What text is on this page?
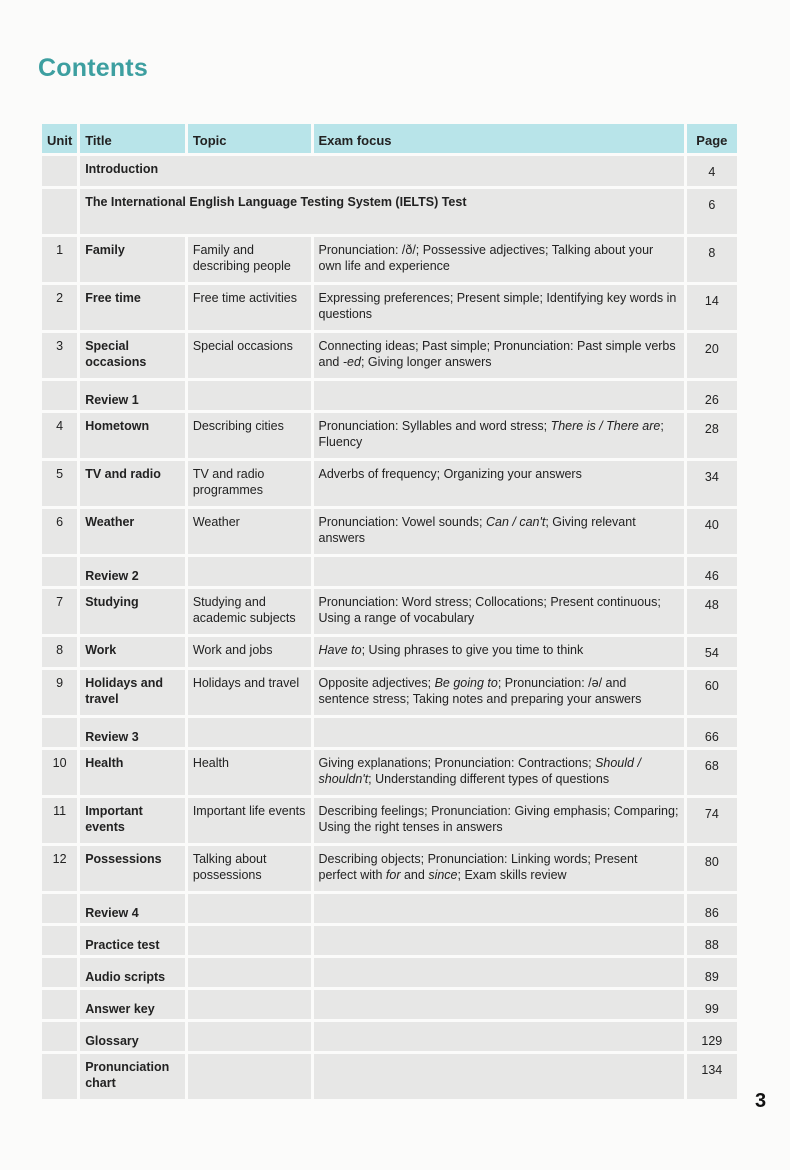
Contents
Unit	Title	Topic	Exam focus	Page
	Introduction			4
	The International English Language Testing System (IELTS) Test			6
1	Family	Family and describing people	Pronunciation: /ð/; Possessive adjectives; Talking about your own life and experience	8
2	Free time	Free time activities	Expressing preferences; Present simple; Identifying key words in questions	14
3	Special occasions	Special occasions	Connecting ideas; Past simple; Pronunciation: Past simple verbs and -ed; Giving longer answers	20
	Review 1			26
4	Hometown	Describing cities	Pronunciation: Syllables and word stress; There is / There are; Fluency	28
5	TV and radio	TV and radio programmes	Adverbs of frequency; Organizing your answers	34
6	Weather	Weather	Pronunciation: Vowel sounds; Can / can't; Giving relevant answers	40
	Review 2			46
7	Studying	Studying and academic subjects	Pronunciation: Word stress; Collocations; Present continuous; Using a range of vocabulary	48
8	Work	Work and jobs	Have to; Using phrases to give you time to think	54
9	Holidays and travel	Holidays and travel	Opposite adjectives; Be going to; Pronunciation: /ə/ and sentence stress; Taking notes and preparing your answers	60
	Review 3			66
10	Health	Health	Giving explanations; Pronunciation: Contractions; Should / shouldn't; Understanding different types of questions	68
11	Important events	Important life events	Describing feelings; Pronunciation: Giving emphasis; Comparing; Using the right tenses in answers	74
12	Possessions	Talking about possessions	Describing objects; Pronunciation: Linking words; Present perfect with for and since; Exam skills review	80
	Review 4			86
	Practice test			88
	Audio scripts			89
	Answer key			99
	Glossary			129
	Pronunciation chart			134
3
